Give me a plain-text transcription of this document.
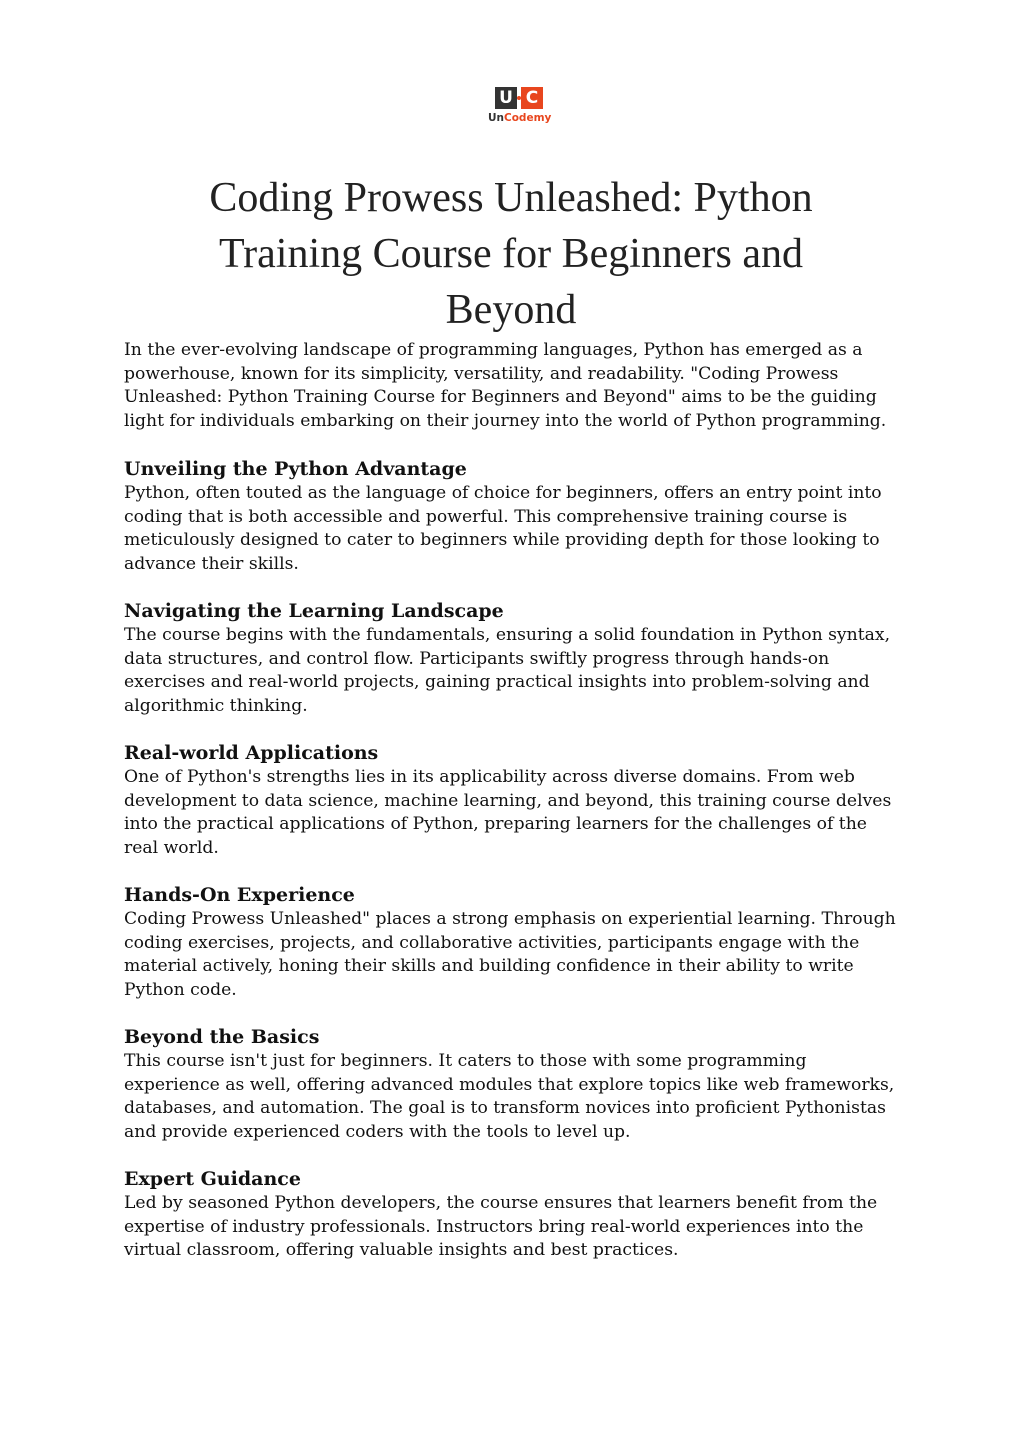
U C
UnCodemy
Coding Prowess Unleashed: Python Training Course for Beginners and Beyond

In the ever-evolving landscape of programming languages, Python has emerged as a powerhouse, known for its simplicity, versatility, and readability. "Coding Prowess Unleashed: Python Training Course for Beginners and Beyond" aims to be the guiding light for individuals embarking on their journey into the world of Python programming.

Unveiling the Python Advantage

Python, often touted as the language of choice for beginners, offers an entry point into coding that is both accessible and powerful. This comprehensive training course is meticulously designed to cater to beginners while providing depth for those looking to advance their skills.

Navigating the Learning Landscape

The course begins with the fundamentals, ensuring a solid foundation in Python syntax, data structures, and control flow. Participants swiftly progress through hands-on exercises and real-world projects, gaining practical insights into problem-solving and algorithmic thinking.

Real-world Applications

One of Python's strengths lies in its applicability across diverse domains. From web development to data science, machine learning, and beyond, this training course delves into the practical applications of Python, preparing learners for the challenges of the real world.

Hands-On Experience

Coding Prowess Unleashed" places a strong emphasis on experiential learning. Through coding exercises, projects, and collaborative activities, participants engage with the material actively, honing their skills and building confidence in their ability to write Python code.

Beyond the Basics

This course isn't just for beginners. It caters to those with some programming experience as well, offering advanced modules that explore topics like web frameworks, databases, and automation. The goal is to transform novices into proficient Pythonistas and provide experienced coders with the tools to level up.

Expert Guidance

Led by seasoned Python developers, the course ensures that learners benefit from the expertise of industry professionals. Instructors bring real-world experiences into the virtual classroom, offering valuable insights and best practices.
